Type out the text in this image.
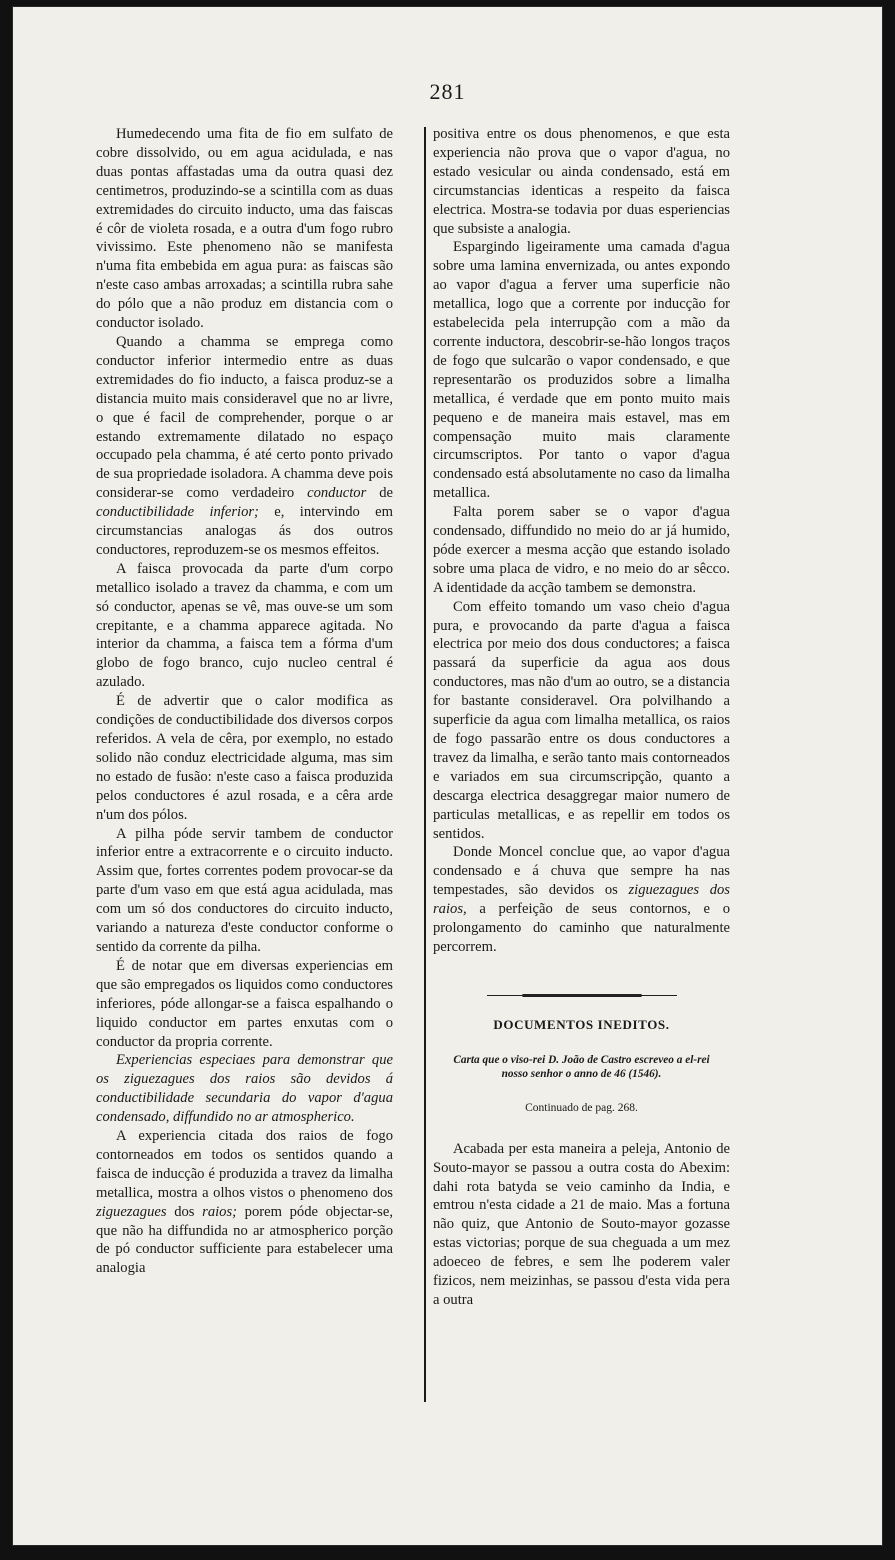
281

Humedecendo uma fita de fio em sulfato de cobre dissolvido, ou em agua acidulada, e nas duas pontas affastadas uma da outra quasi dez centimetros, produzindo-se a scintilla com as duas extremidades do circuito inducto, uma das faiscas é côr de violeta rosada, e a outra d'um fogo rubro vivissimo. Este phenomeno não se manifesta n'uma fita embebida em agua pura: as faiscas são n'este caso ambas arroxadas; a scintilla rubra sahe do pólo que a não produz em distancia com o conductor isolado.

Quando a chamma se emprega como conductor inferior intermedio entre as duas extremidades do fio inducto, a faisca produz-se a distancia muito mais consideravel que no ar livre, o que é facil de comprehender, porque o ar estando extremamente dilatado no espaço occupado pela chamma, é até certo ponto privado de sua propriedade isoladora. A chamma deve pois considerar-se como verdadeiro conductor de conductibilidade inferior; e, intervindo em circumstancias analogas ás dos outros conductores, reproduzem-se os mesmos effeitos.

A faisca provocada da parte d'um corpo metallico isolado a travez da chamma, e com um só conductor, apenas se vê, mas ouve-se um som crepitante, e a chamma apparece agitada. No interior da chamma, a faisca tem a fórma d'um globo de fogo branco, cujo nucleo central é azulado.

É de advertir que o calor modifica as condições de conductibilidade dos diversos corpos referidos. A vela de cêra, por exemplo, no estado solido não conduz electricidade alguma, mas sim no estado de fusão: n'este caso a faisca produzida pelos conductores é azul rosada, e a cêra arde n'um dos pólos.

A pilha póde servir tambem de conductor inferior entre a extracorrente e o circuito inducto. Assim que, fortes correntes podem provocar-se da parte d'um vaso em que está agua acidulada, mas com um só dos conductores do circuito inducto, variando a natureza d'este conductor conforme o sentido da corrente da pilha.

É de notar que em diversas experiencias em que são empregados os liquidos como conductores inferiores, póde allongar-se a faisca espalhando o liquido conductor em partes enxutas com o conductor da propria corrente.

Experiencias especiaes para demonstrar que os ziguezagues dos raios são devidos á conductibilidade secundaria do vapor d'agua condensado, diffundido no ar atmospherico.

A experiencia citada dos raios de fogo contorneados em todos os sentidos quando a faisca de inducção é produzida a travez da limalha metallica, mostra a olhos vistos o phenomeno dos ziguezagues dos raios; porem póde objectar-se, que não ha diffundida no ar atmospherico porção de pó conductor sufficiente para estabelecer uma analogia

positiva entre os dous phenomenos, e que esta experiencia não prova que o vapor d'agua, no estado vesicular ou ainda condensado, está em circumstancias identicas a respeito da faisca electrica. Mostra-se todavia por duas esperiencias que subsiste a analogia.

Espargindo ligeiramente uma camada d'agua sobre uma lamina envernizada, ou antes expondo ao vapor d'agua a ferver uma superficie não metallica, logo que a corrente por inducção for estabelecida pela interrupção com a mão da corrente inductora, descobrir-se-hão longos traços de fogo que sulcarão o vapor condensado, e que representarão os produzidos sobre a limalha metallica, é verdade que em ponto muito mais pequeno e de maneira mais estavel, mas em compensação muito mais claramente circumscriptos. Por tanto o vapor d'agua condensado está absolutamente no caso da limalha metallica.

Falta porem saber se o vapor d'agua condensado, diffundido no meio do ar já humido, póde exercer a mesma acção que estando isolado sobre uma placa de vidro, e no meio do ar sêcco. A identidade da acção tambem se demonstra.

Com effeito tomando um vaso cheio d'agua pura, e provocando da parte d'agua a faisca electrica por meio dos dous conductores; a faisca passará da superficie da agua aos dous conductores, mas não d'um ao outro, se a distancia for bastante consideravel. Ora polvilhando a superficie da agua com limalha metallica, os raios de fogo passarão entre os dous conductores a travez da limalha, e serão tanto mais contorneados e variados em sua circumscripção, quanto a descarga electrica desaggregar maior numero de particulas metallicas, e as repellir em todos os sentidos.

Donde Moncel conclue que, ao vapor d'agua condensado e á chuva que sempre ha nas tempestades, são devidos os ziguezagues dos raios, a perfeição de seus contornos, e o prolongamento do caminho que naturalmente percorrem.

DOCUMENTOS INEDITOS.
Carta que o viso-rei D. João de Castro escreveo a el-rei nosso senhor o anno de 46 (1546).
Continuado de pag. 268.

Acabada per esta maneira a peleja, Antonio de Souto-mayor se passou a outra costa do Abexim: dahi rota batyda se veio caminho da India, e emtrou n'esta cidade a 21 de maio. Mas a fortuna não quiz, que Antonio de Souto-mayor gozasse estas victorias; porque de sua cheguada a um mez adoeceo de febres, e sem lhe poderem valer fizicos, nem meizinhas, se passou d'esta vida pera a outra
